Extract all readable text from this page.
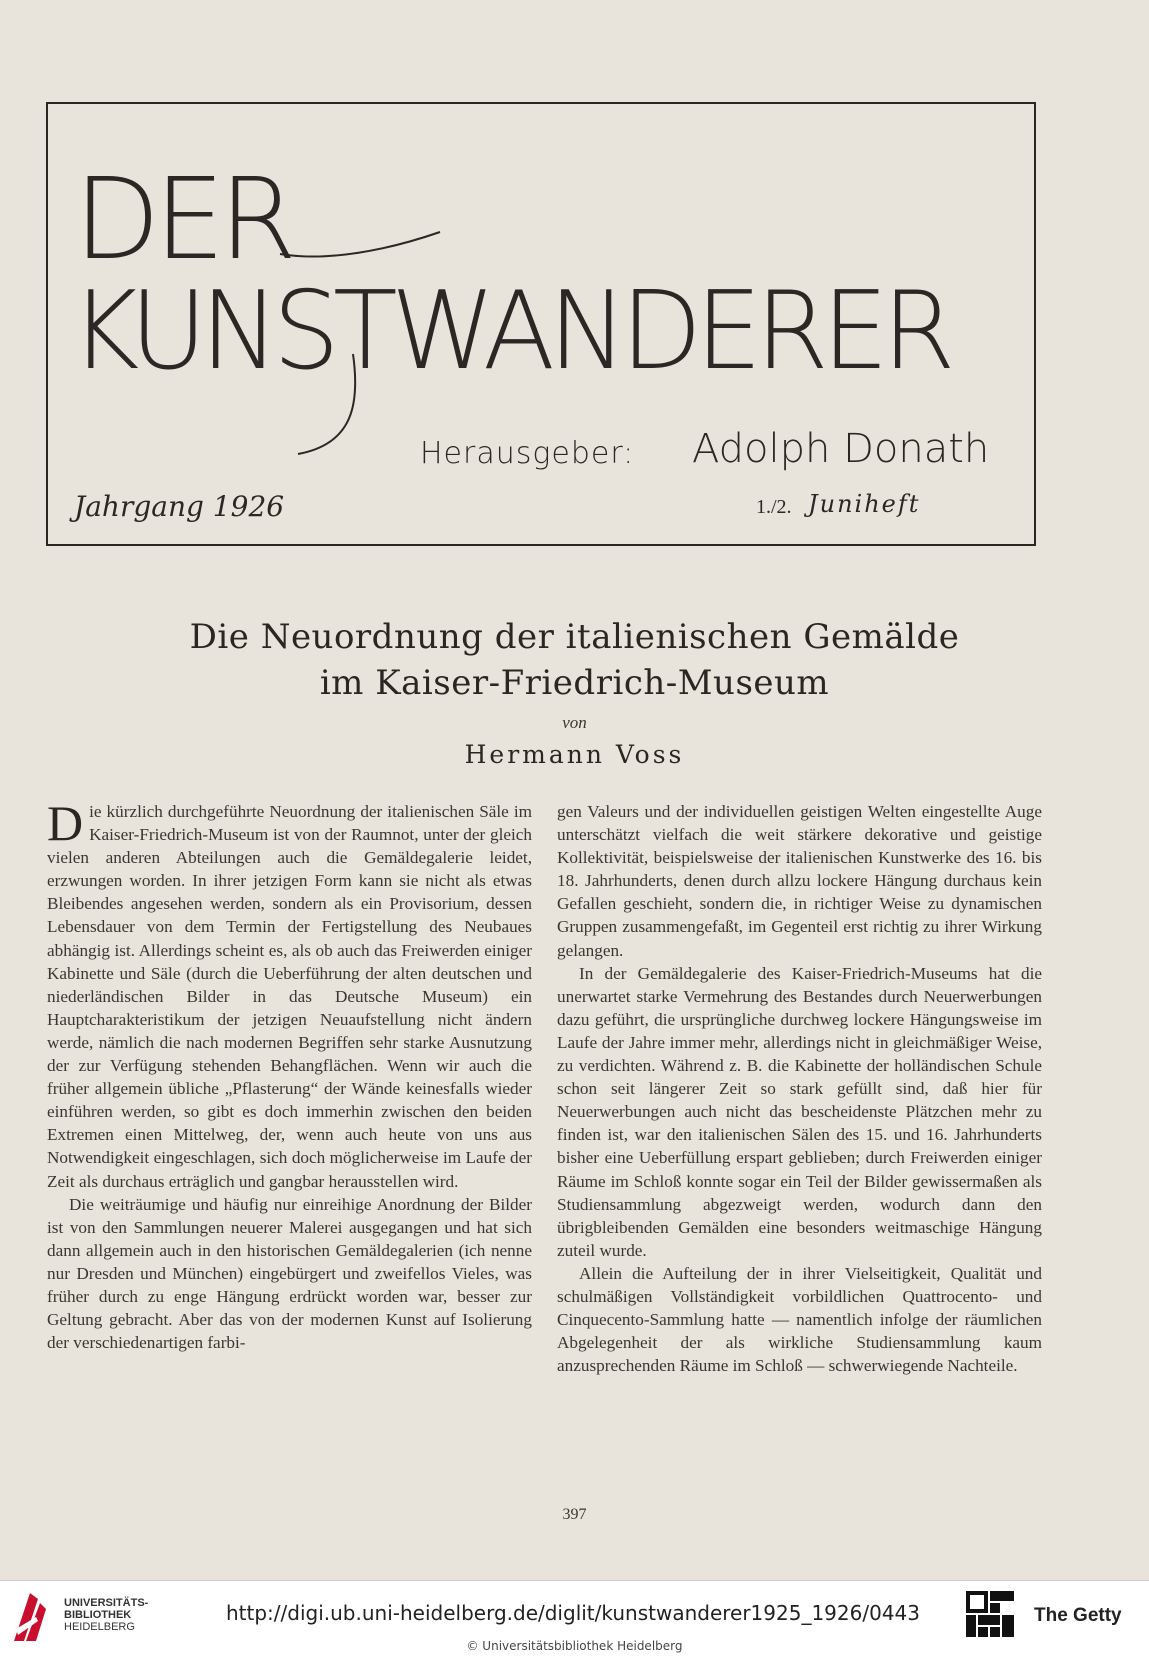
DER
KUNSTWANDERER
Herausgeber: Adolph Donath
Jahrgang 1926	1./2. Juniheft
Die Neuordnung der italienischen Gemälde
im Kaiser-Friedrich-Museum
von
Hermann Voss

Die kürzlich durchgeführte Neuordnung der italienischen Säle im Kaiser-Friedrich-Museum ist von der Raumnot, unter der gleich vielen anderen Abteilungen auch die Gemäldegalerie leidet, erzwungen worden. In ihrer jetzigen Form kann sie nicht als etwas Bleibendes angesehen werden, sondern als ein Provisorium, dessen Lebensdauer von dem Termin der Fertigstellung des Neubaues abhängig ist. Allerdings scheint es, als ob auch das Freiwerden einiger Kabinette und Säle (durch die Ueberführung der alten deutschen und niederländischen Bilder in das Deutsche Museum) ein Hauptcharakteristikum der jetzigen Neuaufstellung nicht ändern werde, nämlich die nach modernen Begriffen sehr starke Ausnutzung der zur Verfügung stehenden Behangflächen. Wenn wir auch die früher allgemein übliche „Pflasterung“ der Wände keinesfalls wieder einführen werden, so gibt es doch immerhin zwischen den beiden Extremen einen Mittelweg, der, wenn auch heute von uns aus Notwendigkeit eingeschlagen, sich doch möglicherweise im Laufe der Zeit als durchaus erträglich und gangbar herausstellen wird.

Die weiträumige und häufig nur einreihige Anordnung der Bilder ist von den Sammlungen neuerer Malerei ausgegangen und hat sich dann allgemein auch in den historischen Gemäldegalerien (ich nenne nur Dresden und München) eingebürgert und zweifellos Vieles, was früher durch zu enge Hängung erdrückt worden war, besser zur Geltung gebracht. Aber das von der modernen Kunst auf Isolierung der verschiedenartigen farbi-

gen Valeurs und der individuellen geistigen Welten eingestellte Auge unterschätzt vielfach die weit stärkere dekorative und geistige Kollektivität, beispielsweise der italienischen Kunstwerke des 16. bis 18. Jahrhunderts, denen durch allzu lockere Hängung durchaus kein Gefallen geschieht, sondern die, in richtiger Weise zu dynamischen Gruppen zusammengefaßt, im Gegenteil erst richtig zu ihrer Wirkung gelangen.

In der Gemäldegalerie des Kaiser-Friedrich-Museums hat die unerwartet starke Vermehrung des Bestandes durch Neuerwerbungen dazu geführt, die ursprüngliche durchweg lockere Hängungsweise im Laufe der Jahre immer mehr, allerdings nicht in gleichmäßiger Weise, zu verdichten. Während z. B. die Kabinette der holländischen Schule schon seit längerer Zeit so stark gefüllt sind, daß hier für Neuerwerbungen auch nicht das bescheidenste Plätzchen mehr zu finden ist, war den italienischen Sälen des 15. und 16. Jahrhunderts bisher eine Ueberfüllung erspart geblieben; durch Freiwerden einiger Räume im Schloß konnte sogar ein Teil der Bilder gewissermaßen als Studiensammlung abgezweigt werden, wodurch dann den übrigbleibenden Gemälden eine besonders weitmaschige Hängung zuteil wurde.

Allein die Aufteilung der in ihrer Vielseitigkeit, Qualität und schulmäßigen Vollständigkeit vorbildlichen Quattrocento- und Cinquecento-Sammlung hatte — namentlich infolge der räumlichen Abgelegenheit der als wirkliche Studiensammlung kaum anzusprechenden Räume im Schloß — schwerwiegende Nachteile.

397
UNIVERSITÄTS-
BIBLIOTHEK
HEIDELBERG
http://digi.ub.uni-heidelberg.de/diglit/kunstwanderer1925_1926/0443
© Universitätsbibliothek Heidelberg
The Getty
